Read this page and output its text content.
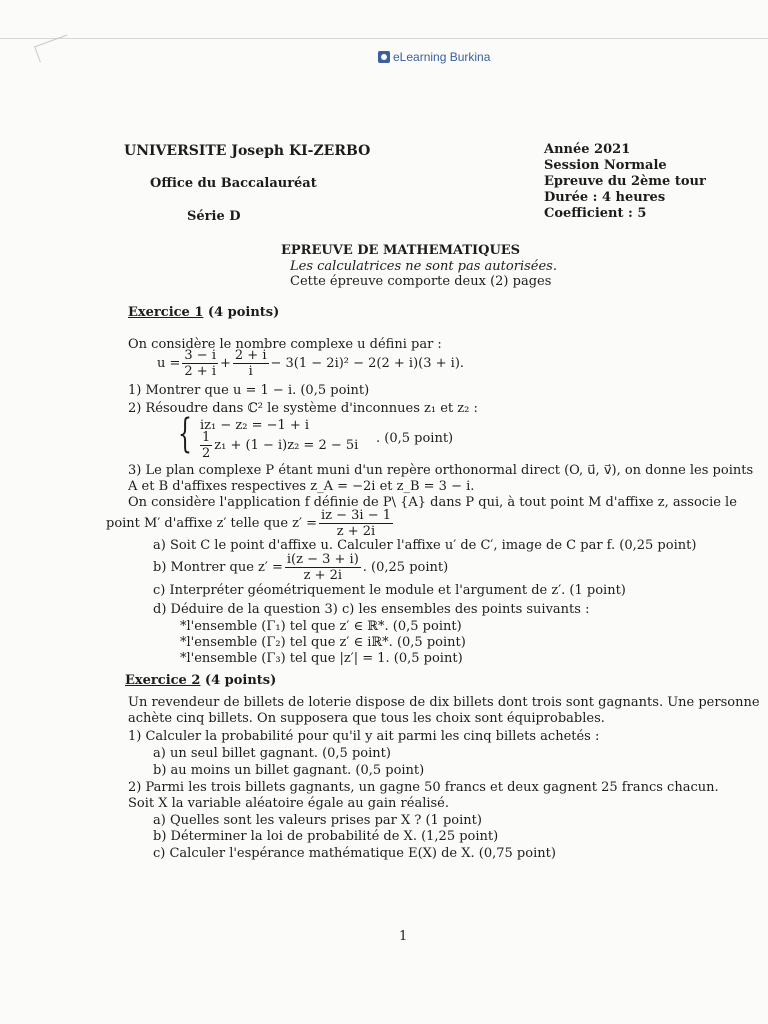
eLearning Burkina
UNIVERSITE Joseph KI-ZERBO
Office du Baccalauréat
Série D
Année 2021
Session Normale
Epreuve du 2ème tour
Durée : 4 heures
Coefficient : 5
EPREUVE DE MATHEMATIQUES
Les calculatrices ne sont pas autorisées.
Cette épreuve comporte deux (2) pages
Exercice 1 (4 points)
On considère le nombre complexe u défini par :
$u = \frac{3 - i}{2 + i} + \frac{2 + i}{i} - 3(1 - 2i)^2 - 2(2 + i)(3 + i)$.
1) Montrer que u = 1 − i. (0,5 point)
2) Résoudre dans ℂ² le système d'inconnues z₁ et z₂ :
{ iz₁ − z₂ = −1 + i
$\frac{1}{2} z_1 + (1 - i)z_2 = 2 - 5i$ . (0,5 point)
3) Le plan complexe P étant muni d'un repère orthonormal direct (O, u⃗, v⃗), on donne les points
A et B d'affixes respectives z_A = −2i et z_B = 3 − i.
On considère l'application f définie de P\ {A} dans P qui, à tout point M d'affixe z, associe le
point M′ d'affixe z′ telle que $z' = \frac{iz - 3i - 1}{z + 2i}$
a) Soit C le point d'affixe u. Calculer l'affixe u′ de C′, image de C par f. (0,25 point)
b) Montrer que $z' = \frac{i(z - 3 + i)}{z + 2i}$ . (0,25 point)
c) Interpréter géométriquement le module et l'argument de z′. (1 point)
d) Déduire de la question 3) c) les ensembles des points suivants :
*l'ensemble (Γ₁) tel que z′ ∈ ℝ*. (0,5 point)
*l'ensemble (Γ₂) tel que z′ ∈ iℝ*. (0,5 point)
*l'ensemble (Γ₃) tel que |z′| = 1. (0,5 point)
Exercice 2 (4 points)
Un revendeur de billets de loterie dispose de dix billets dont trois sont gagnants. Une personne
achète cinq billets. On supposera que tous les choix sont équiprobables.
1) Calculer la probabilité pour qu'il y ait parmi les cinq billets achetés :
a) un seul billet gagnant. (0,5 point)
b) au moins un billet gagnant. (0,5 point)
2) Parmi les trois billets gagnants, un gagne 50 francs et deux gagnent 25 francs chacun.
Soit X la variable aléatoire égale au gain réalisé.
a) Quelles sont les valeurs prises par X ? (1 point)
b) Déterminer la loi de probabilité de X. (1,25 point)
c) Calculer l'espérance mathématique E(X) de X. (0,75 point)
1
